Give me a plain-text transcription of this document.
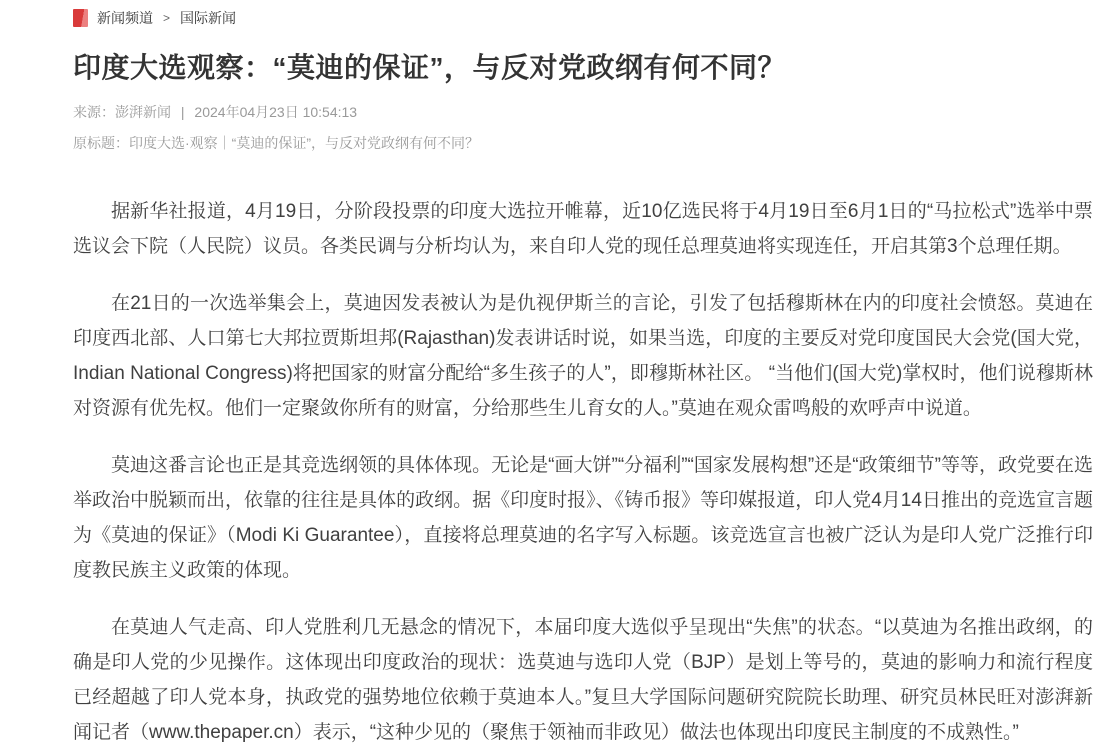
新闻频道 > 国际新闻
印度大选观察：“莫迪的保证”，与反对党政纲有何不同？
来源：澎湃新闻 | 2024年04月23日 10:54:13
原标题：印度大选·观察｜“莫迪的保证”，与反对党政纲有何不同？

据新华社报道，4月19日，分阶段投票的印度大选拉开帷幕，近10亿选民将于4月19日至6月1日的“马拉松式”选举中票选议会下院（人民院）议员。各类民调与分析均认为，来自印人党的现任总理莫迪将实现连任，开启其第3个总理任期。

在21日的一次选举集会上，莫迪因发表被认为是仇视伊斯兰的言论，引发了包括穆斯林在内的印度社会愤怒。莫迪在印度西北部、人口第七大邦拉贾斯坦邦(Rajasthan)发表讲话时说，如果当选，印度的主要反对党印度国民大会党(国大党，Indian National Congress)将把国家的财富分配给“多生孩子的人”，即穆斯林社区。 “当他们(国大党)掌权时，他们说穆斯林对资源有优先权。他们一定聚敛你所有的财富，分给那些生儿育女的人。”莫迪在观众雷鸣般的欢呼声中说道。

莫迪这番言论也正是其竞选纲领的具体体现。无论是“画大饼”“分福利”“国家发展构想”还是“政策细节”等等，政党要在选举政治中脱颖而出，依靠的往往是具体的政纲。据《印度时报》、《铸币报》等印媒报道，印人党4月14日推出的竞选宣言题为《莫迪的保证》（Modi Ki Guarantee），直接将总理莫迪的名字写入标题。该竞选宣言也被广泛认为是印人党广泛推行印度教民族主义政策的体现。

在莫迪人气走高、印人党胜利几无悬念的情况下，本届印度大选似乎呈现出“失焦”的状态。“以莫迪为名推出政纲，的确是印人党的少见操作。这体现出印度政治的现状：选莫迪与选印人党（BJP）是划上等号的，莫迪的影响力和流行程度已经超越了印人党本身，执政党的强势地位依赖于莫迪本人。”复旦大学国际问题研究院院长助理、研究员林民旺对澎湃新闻记者（www.thepaper.cn）表示，“这种少见的（聚焦于领袖而非政见）做法也体现出印度民主制度的不成熟性。”
